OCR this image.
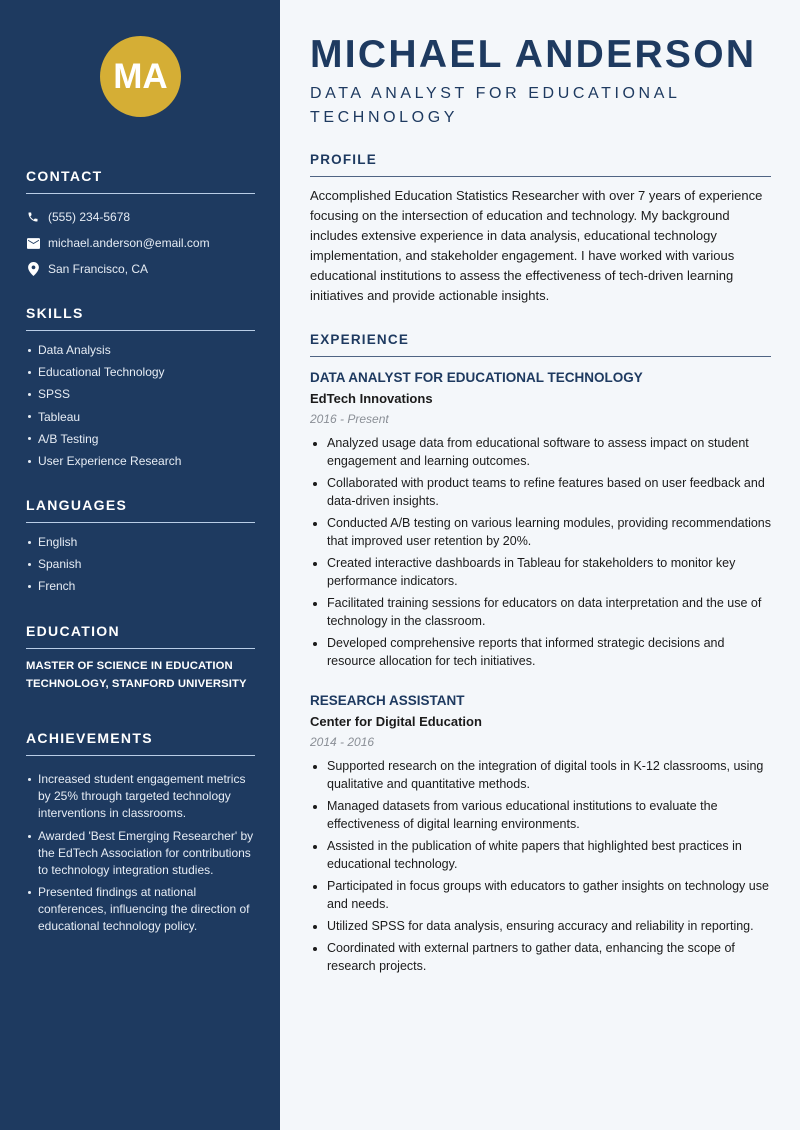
MA
CONTACT
(555) 234-5678
michael.anderson@email.com
San Francisco, CA
SKILLS
Data Analysis
Educational Technology
SPSS
Tableau
A/B Testing
User Experience Research
LANGUAGES
English
Spanish
French
EDUCATION
MASTER OF SCIENCE IN EDUCATION TECHNOLOGY, STANFORD UNIVERSITY
ACHIEVEMENTS
Increased student engagement metrics by 25% through targeted technology interventions in classrooms.
Awarded 'Best Emerging Researcher' by the EdTech Association for contributions to technology integration studies.
Presented findings at national conferences, influencing the direction of educational technology policy.
MICHAEL ANDERSON
DATA ANALYST FOR EDUCATIONAL TECHNOLOGY
PROFILE

Accomplished Education Statistics Researcher with over 7 years of experience focusing on the intersection of education and technology. My background includes extensive experience in data analysis, educational technology implementation, and stakeholder engagement. I have worked with various educational institutions to assess the effectiveness of tech-driven learning initiatives and provide actionable insights.

EXPERIENCE
DATA ANALYST FOR EDUCATIONAL TECHNOLOGY
EdTech Innovations
2016 - Present
Analyzed usage data from educational software to assess impact on student engagement and learning outcomes.
Collaborated with product teams to refine features based on user feedback and data-driven insights.
Conducted A/B testing on various learning modules, providing recommendations that improved user retention by 20%.
Created interactive dashboards in Tableau for stakeholders to monitor key performance indicators.
Facilitated training sessions for educators on data interpretation and the use of technology in the classroom.
Developed comprehensive reports that informed strategic decisions and resource allocation for tech initiatives.
RESEARCH ASSISTANT
Center for Digital Education
2014 - 2016
Supported research on the integration of digital tools in K-12 classrooms, using qualitative and quantitative methods.
Managed datasets from various educational institutions to evaluate the effectiveness of digital learning environments.
Assisted in the publication of white papers that highlighted best practices in educational technology.
Participated in focus groups with educators to gather insights on technology use and needs.
Utilized SPSS for data analysis, ensuring accuracy and reliability in reporting.
Coordinated with external partners to gather data, enhancing the scope of research projects.
